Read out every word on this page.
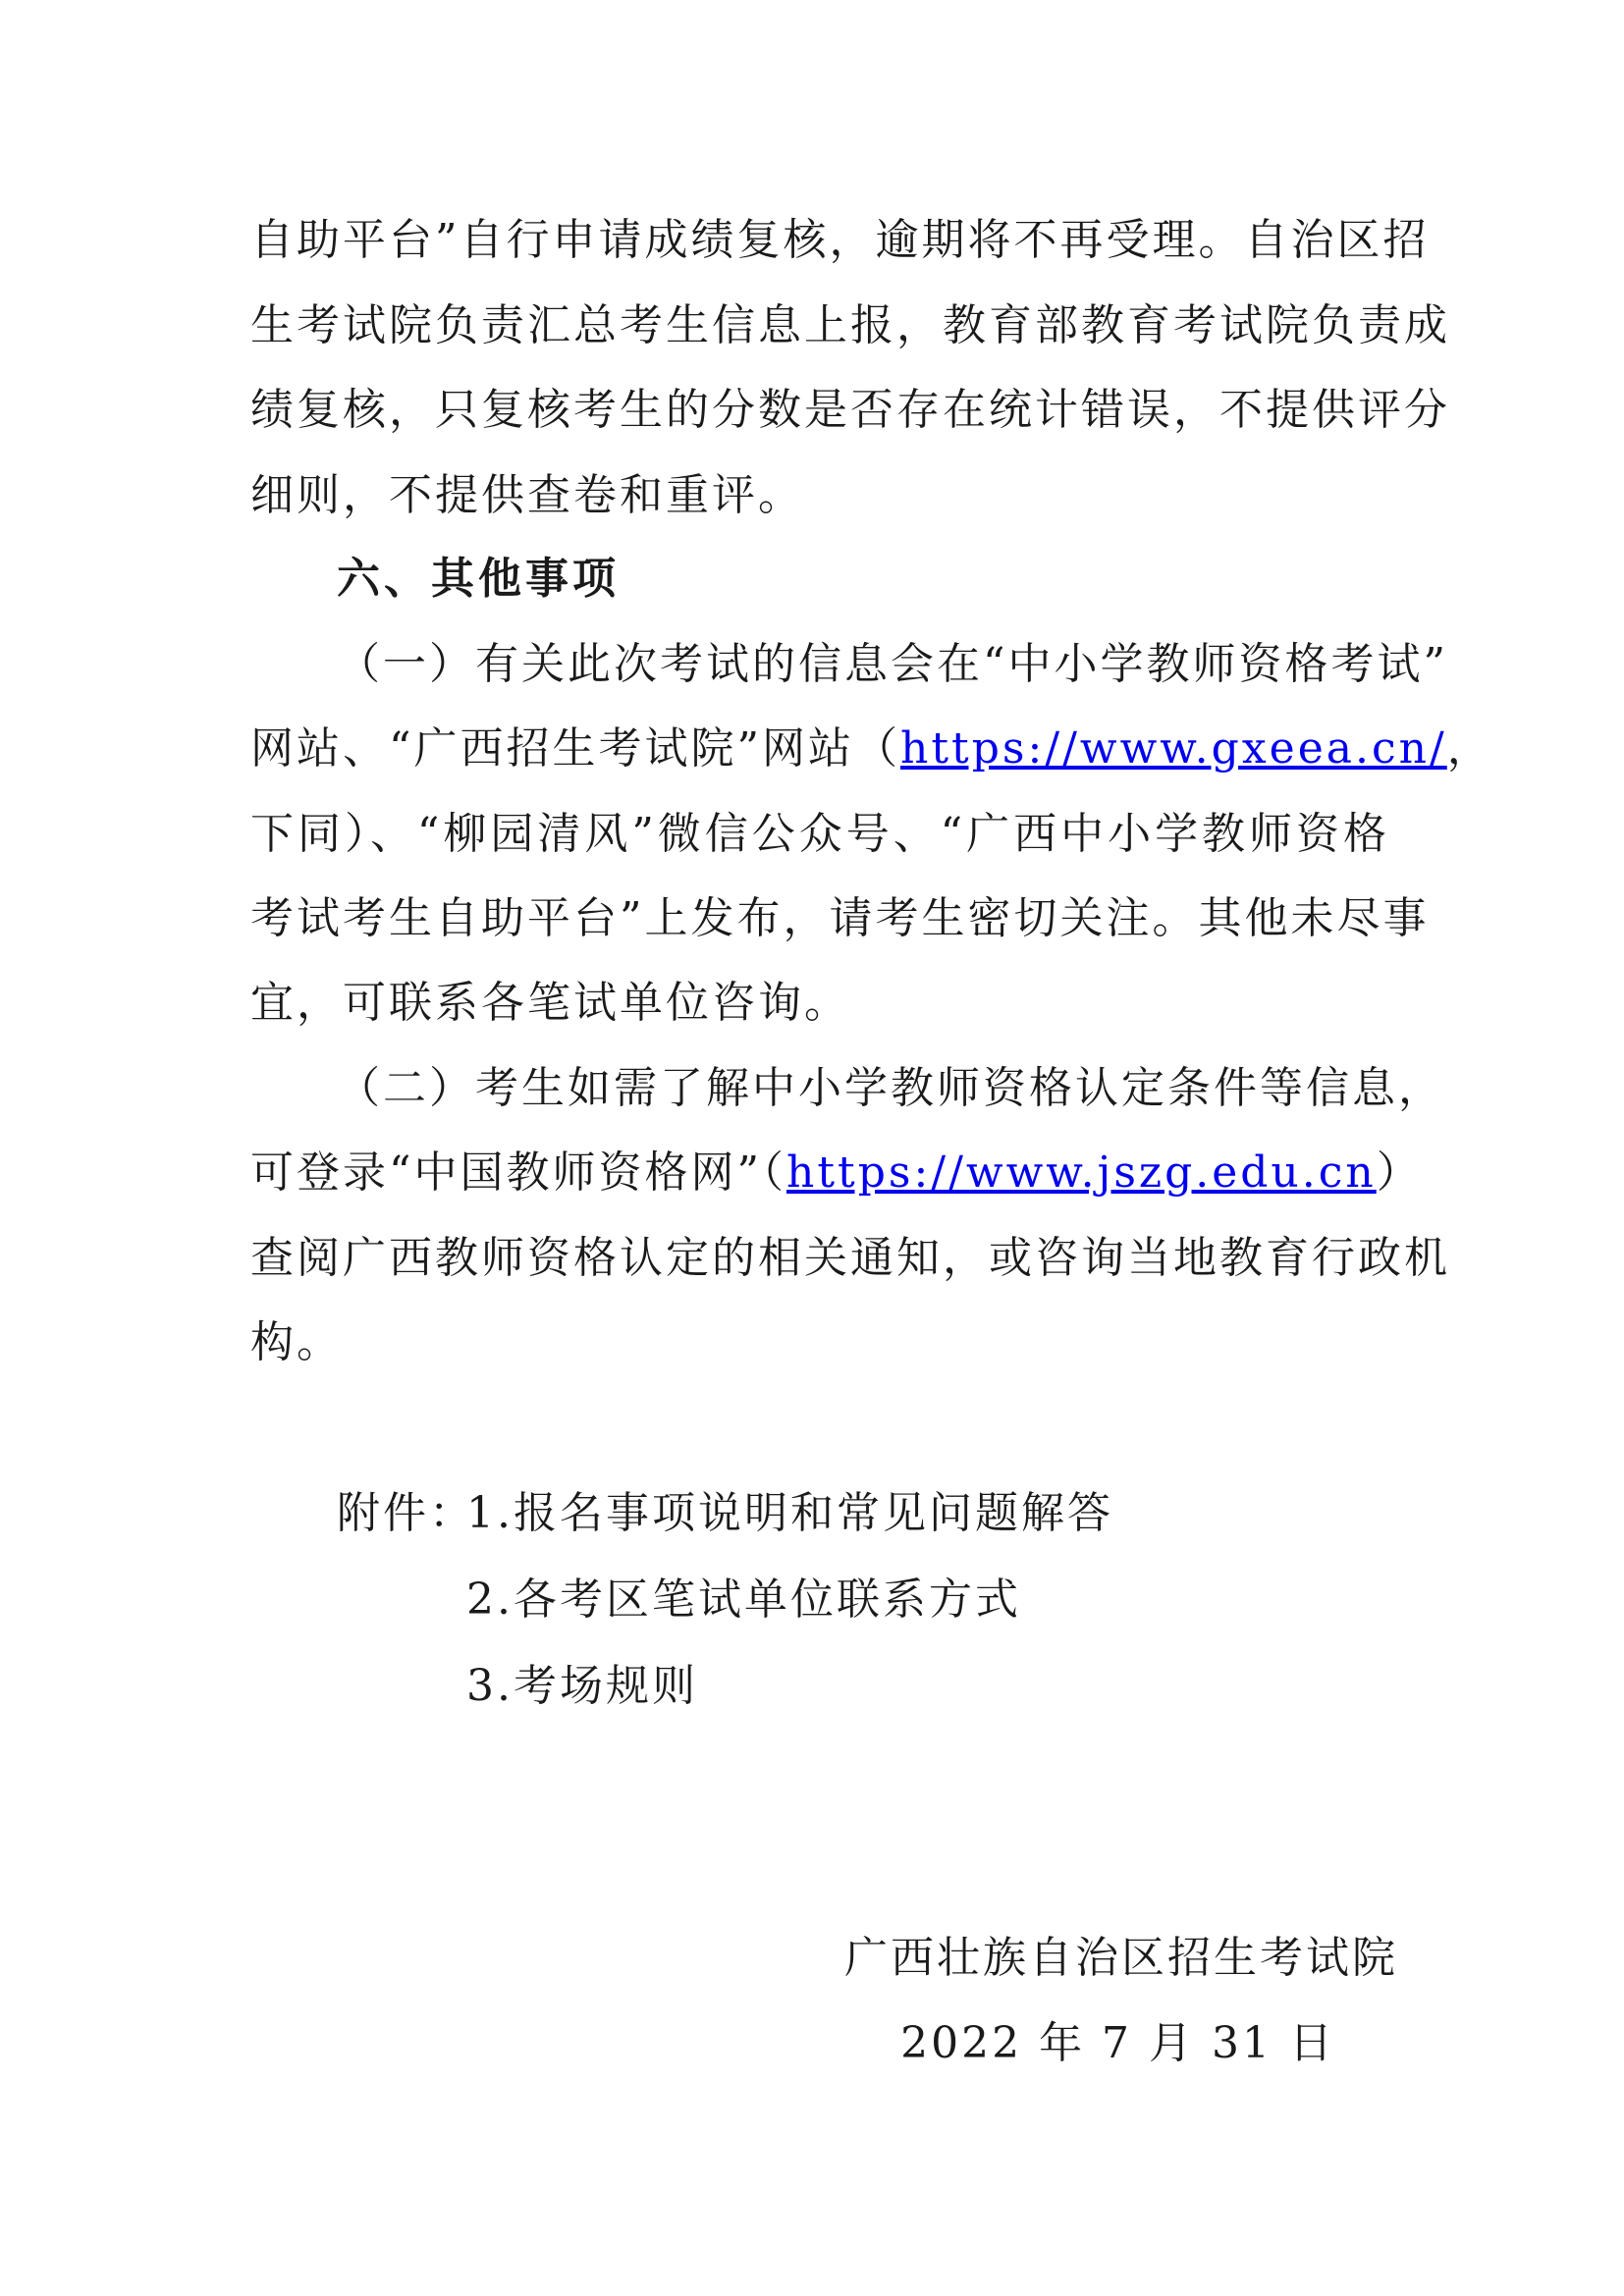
自助平台”自行申请成绩复核，逾期将不再受理。自治区招
生考试院负责汇总考生信息上报，教育部教育考试院负责成
绩复核，只复核考生的分数是否存在统计错误，不提供评分
细则，不提供查卷和重评。
六、其他事项
（一）有关此次考试的信息会在“中小学教师资格考试”
网站、“广西招生考试院”网站（https://www.gxeea.cn/，
下同）、“柳园清风”微信公众号、“广西中小学教师资格
考试考生自助平台”上发布，请考生密切关注。其他未尽事
宜，可联系各笔试单位咨询。
（二）考生如需了解中小学教师资格认定条件等信息，
可登录“中国教师资格网”（https://www.jszg.edu.cn）
查阅广西教师资格认定的相关通知，或咨询当地教育行政机
构。
附件：
1.报名事项说明和常见问题解答
2.各考区笔试单位联系方式
3.考场规则
广西壮族自治区招生考试院
2022 年 7 月 31 日
